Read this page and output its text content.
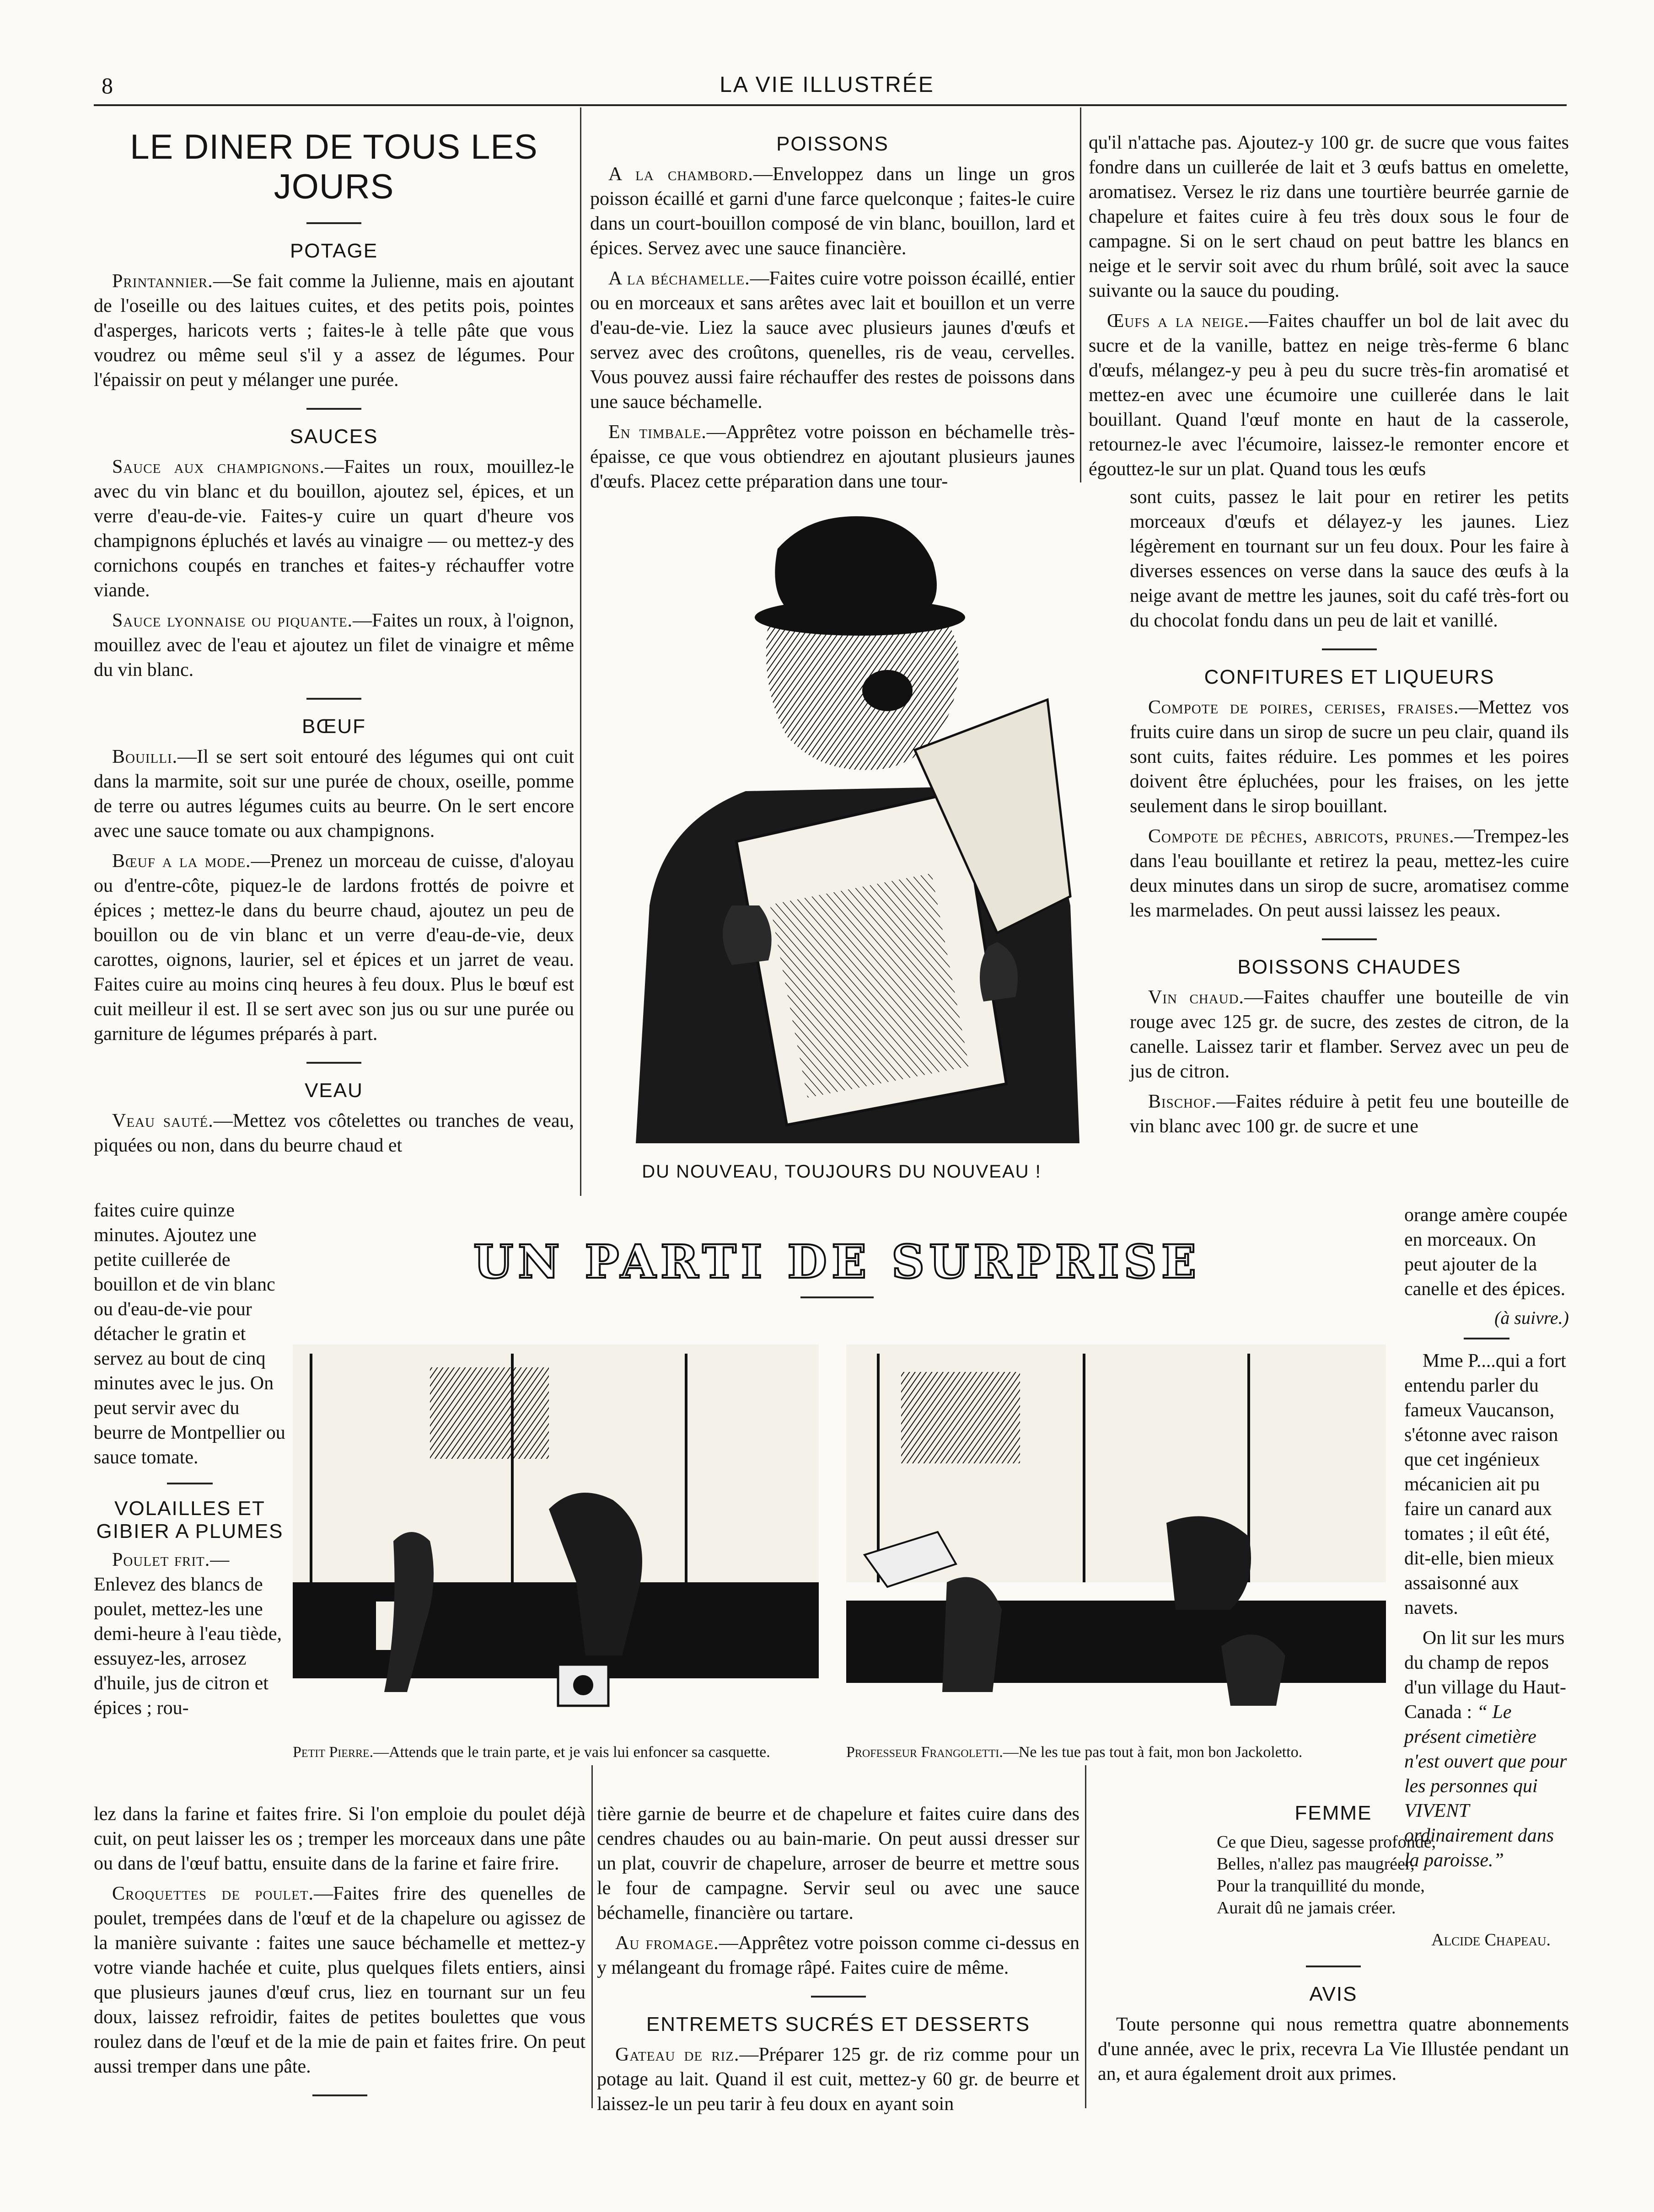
8	LA VIE ILLUSTRÉE
LE DINER DE TOUS LES JOURS
POTAGE

Printannier.—Se fait comme la Julienne, mais en ajoutant de l'oseille ou des laitues cuites, et des petits pois, pointes d'asperges, haricots verts ; faites-le à telle pâte que vous voudrez ou même seul s'il y a assez de légumes. Pour l'épaissir on peut y mélanger une purée.

SAUCES

Sauce aux champignons.—Faites un roux, mouillez-le avec du vin blanc et du bouillon, ajoutez sel, épices, et un verre d'eau-de-vie. Faites-y cuire un quart d'heure vos champignons épluchés et lavés au vinaigre — ou mettez-y des cornichons coupés en tranches et faites-y réchauffer votre viande.

Sauce lyonnaise ou piquante.—Faites un roux, à l'oignon, mouillez avec de l'eau et ajoutez un filet de vinaigre et même du vin blanc.

BŒUF

Bouilli.—Il se sert soit entouré des légumes qui ont cuit dans la marmite, soit sur une purée de choux, oseille, pomme de terre ou autres légumes cuits au beurre. On le sert encore avec une sauce tomate ou aux champignons.

Bœuf a la mode.—Prenez un morceau de cuisse, d'aloyau ou d'entre-côte, piquez-le de lardons frottés de poivre et épices ; mettez-le dans du beurre chaud, ajoutez un peu de bouillon ou de vin blanc et un verre d'eau-de-vie, deux carottes, oignons, laurier, sel et épices et un jarret de veau. Faites cuire au moins cinq heures à feu doux. Plus le bœuf est cuit meilleur il est. Il se sert avec son jus ou sur une purée ou garniture de légumes préparés à part.

VEAU

Veau sauté.—Mettez vos côtelettes ou tranches de veau, piquées ou non, dans du beurre chaud et

faites cuire quinze minutes. Ajoutez une petite cuillerée de bouillon et de vin blanc ou d'eau-de-vie pour détacher le gratin et servez au bout de cinq minutes avec le jus. On peut servir avec du beurre de Montpellier ou sauce tomate.

VOLAILLES ET GIBIER A PLUMES

Poulet frit.—Enlevez des blancs de poulet, mettez-les une demi-heure à l'eau tiède, essuyez-les, arrosez d'huile, jus de citron et épices ; rou-

lez dans la farine et faites frire. Si l'on emploie du poulet déjà cuit, on peut laisser les os ; tremper les morceaux dans une pâte ou dans de l'œuf battu, ensuite dans de la farine et faire frire.

Croquettes de poulet.—Faites frire des quenelles de poulet, trempées dans de l'œuf et de la chapelure ou agissez de la manière suivante : faites une sauce béchamelle et mettez-y votre viande hachée et cuite, plus quelques filets entiers, ainsi que plusieurs jaunes d'œuf crus, liez en tournant sur un feu doux, laissez refroidir, faites de petites boulettes que vous roulez dans de l'œuf et de la mie de pain et faites frire. On peut aussi tremper dans une pâte.

POISSONS

A la chambord.—Enveloppez dans un linge un gros poisson écaillé et garni d'une farce quelconque ; faites-le cuire dans un court-bouillon composé de vin blanc, bouillon, lard et épices. Servez avec une sauce financière.

A la béchamelle.—Faites cuire votre poisson écaillé, entier ou en morceaux et sans arêtes avec lait et bouillon et un verre d'eau-de-vie. Liez la sauce avec plusieurs jaunes d'œufs et servez avec des croûtons, quenelles, ris de veau, cervelles. Vous pouvez aussi faire réchauffer des restes de poissons dans une sauce béchamelle.

En timbale.—Apprêtez votre poisson en béchamelle très-épaisse, ce que vous obtiendrez en ajoutant plusieurs jaunes d'œufs. Placez cette préparation dans une tour-

DU NOUVEAU, TOUJOURS DU NOUVEAU !

tière garnie de beurre et de chapelure et faites cuire dans des cendres chaudes ou au bain-marie. On peut aussi dresser sur un plat, couvrir de chapelure, arroser de beurre et mettre sous le four de campagne. Servir seul ou avec une sauce béchamelle, financière ou tartare.

Au fromage.—Apprêtez votre poisson comme ci-dessus en y mélangeant du fromage râpé. Faites cuire de même.

ENTREMETS SUCRÉS ET DESSERTS

Gateau de riz.—Préparer 125 gr. de riz comme pour un potage au lait. Quand il est cuit, mettez-y 60 gr. de beurre et laissez-le un peu tarir à feu doux en ayant soin

qu'il n'attache pas. Ajoutez-y 100 gr. de sucre que vous faites fondre dans un cuillerée de lait et 3 œufs battus en omelette, aromatisez. Versez le riz dans une tourtière beurrée garnie de chapelure et faites cuire à feu très doux sous le four de campagne. Si on le sert chaud on peut battre les blancs en neige et le servir soit avec du rhum brûlé, soit avec la sauce suivante ou la sauce du pouding.

Œufs a la neige.—Faites chauffer un bol de lait avec du sucre et de la vanille, battez en neige très-ferme 6 blanc d'œufs, mélangez-y peu à peu du sucre très-fin aromatisé et mettez-en avec une écumoire une cuillerée dans le lait bouillant. Quand l'œuf monte en haut de la casserole, retournez-le avec l'écumoire, laissez-le remonter encore et égouttez-le sur un plat. Quand tous les œufs

sont cuits, passez le lait pour en retirer les petits morceaux d'œufs et délayez-y les jaunes. Liez légèrement en tournant sur un feu doux. Pour les faire à diverses essences on verse dans la sauce des œufs à la neige avant de mettre les jaunes, soit du café très-fort ou du chocolat fondu dans un peu de lait et vanillé.

CONFITURES ET LIQUEURS

Compote de poires, cerises, fraises.—Mettez vos fruits cuire dans un sirop de sucre un peu clair, quand ils sont cuits, faites réduire. Les pommes et les poires doivent être épluchées, pour les fraises, on les jette seulement dans le sirop bouillant.

Compote de pêches, abricots, prunes.—Trempez-les dans l'eau bouillante et retirez la peau, mettez-les cuire deux minutes dans un sirop de sucre, aromatisez comme les marmelades. On peut aussi laissez les peaux.

BOISSONS CHAUDES

Vin chaud.—Faites chauffer une bouteille de vin rouge avec 125 gr. de sucre, des zestes de citron, de la canelle. Laissez tarir et flamber. Servez avec un peu de jus de citron.

Bischof.—Faites réduire à petit feu une bouteille de vin blanc avec 100 gr. de sucre et une

orange amère coupée en morceaux. On peut ajouter de la canelle et des épices.

(à suivre.)

Mme P....qui a fort entendu parler du fameux Vaucanson, s'étonne avec raison que cet ingénieux mécanicien ait pu faire un canard aux tomates ; il eût été, dit-elle, bien mieux assaisonné aux navets.

On lit sur les murs du champ de repos d'un village du Haut-Canada : “ Le présent cimetière n'est ouvert que pour les personnes qui VIVENT ordinairement dans la paroisse.”

FEMME
Ce que Dieu, sagesse profonde,
Belles, n'allez pas maugréer,
Pour la tranquillité du monde,
Aurait dû ne jamais créer.
Alcide Chapeau.
AVIS

Toute personne qui nous remettra quatre abonnements d'une année, avec le prix, recevra La Vie Illustée pendant un an, et aura également droit aux primes.

UN PARTI DE SURPRISE
Petit Pierre.—Attends que le train parte, et je vais lui enfoncer sa casquette.	Professeur Frangoletti.—Ne les tue pas tout à fait, mon bon Jackoletto.
